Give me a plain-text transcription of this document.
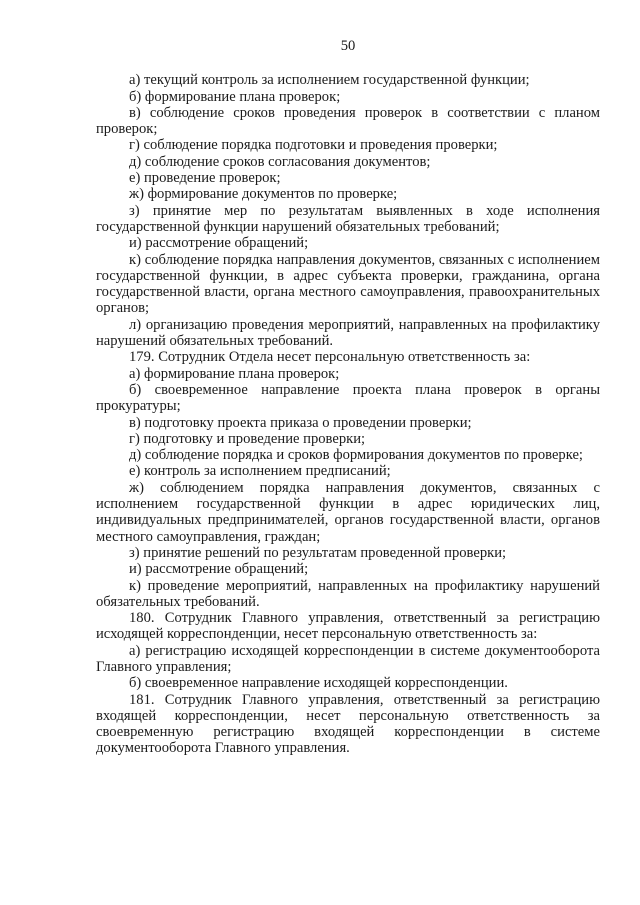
50

а) текущий контроль за исполнением государственной функции;

б) формирование плана проверок;

в) соблюдение сроков проведения проверок в соответствии с планом проверок;

г) соблюдение порядка подготовки и проведения проверки;

д) соблюдение сроков согласования документов;

е) проведение проверок;

ж) формирование документов по проверке;

з) принятие мер по результатам выявленных в ходе исполнения государственной функции нарушений обязательных требований;

и) рассмотрение обращений;

к) соблюдение порядка направления документов, связанных с исполнением государственной функции, в адрес субъекта проверки, гражданина, органа государственной власти, органа местного самоуправления, правоохранительных органов;

л) организацию проведения мероприятий, направленных на профилактику нарушений обязательных требований.

179. Сотрудник Отдела несет персональную ответственность за:

а) формирование плана проверок;

б) своевременное направление проекта плана проверок в органы прокуратуры;

в) подготовку проекта приказа о проведении проверки;

г) подготовку и проведение проверки;

д) соблюдение порядка и сроков формирования документов по проверке;

е) контроль за исполнением предписаний;

ж) соблюдением порядка направления документов, связанных с исполнением государственной функции в адрес юридических лиц, индивидуальных предпринимателей, органов государственной власти, органов местного самоуправления, граждан;

з) принятие решений по результатам проведенной проверки;

и) рассмотрение обращений;

к) проведение мероприятий, направленных на профилактику нарушений обязательных требований.

180. Сотрудник Главного управления, ответственный за регистрацию исходящей корреспонденции, несет персональную ответственность за:

а) регистрацию исходящей корреспонденции в системе документооборота Главного управления;

б) своевременное направление исходящей корреспонденции.

181. Сотрудник Главного управления, ответственный за регистрацию входящей корреспонденции, несет персональную ответственность за своевременную регистрацию входящей корреспонденции в системе документооборота Главного управления.
